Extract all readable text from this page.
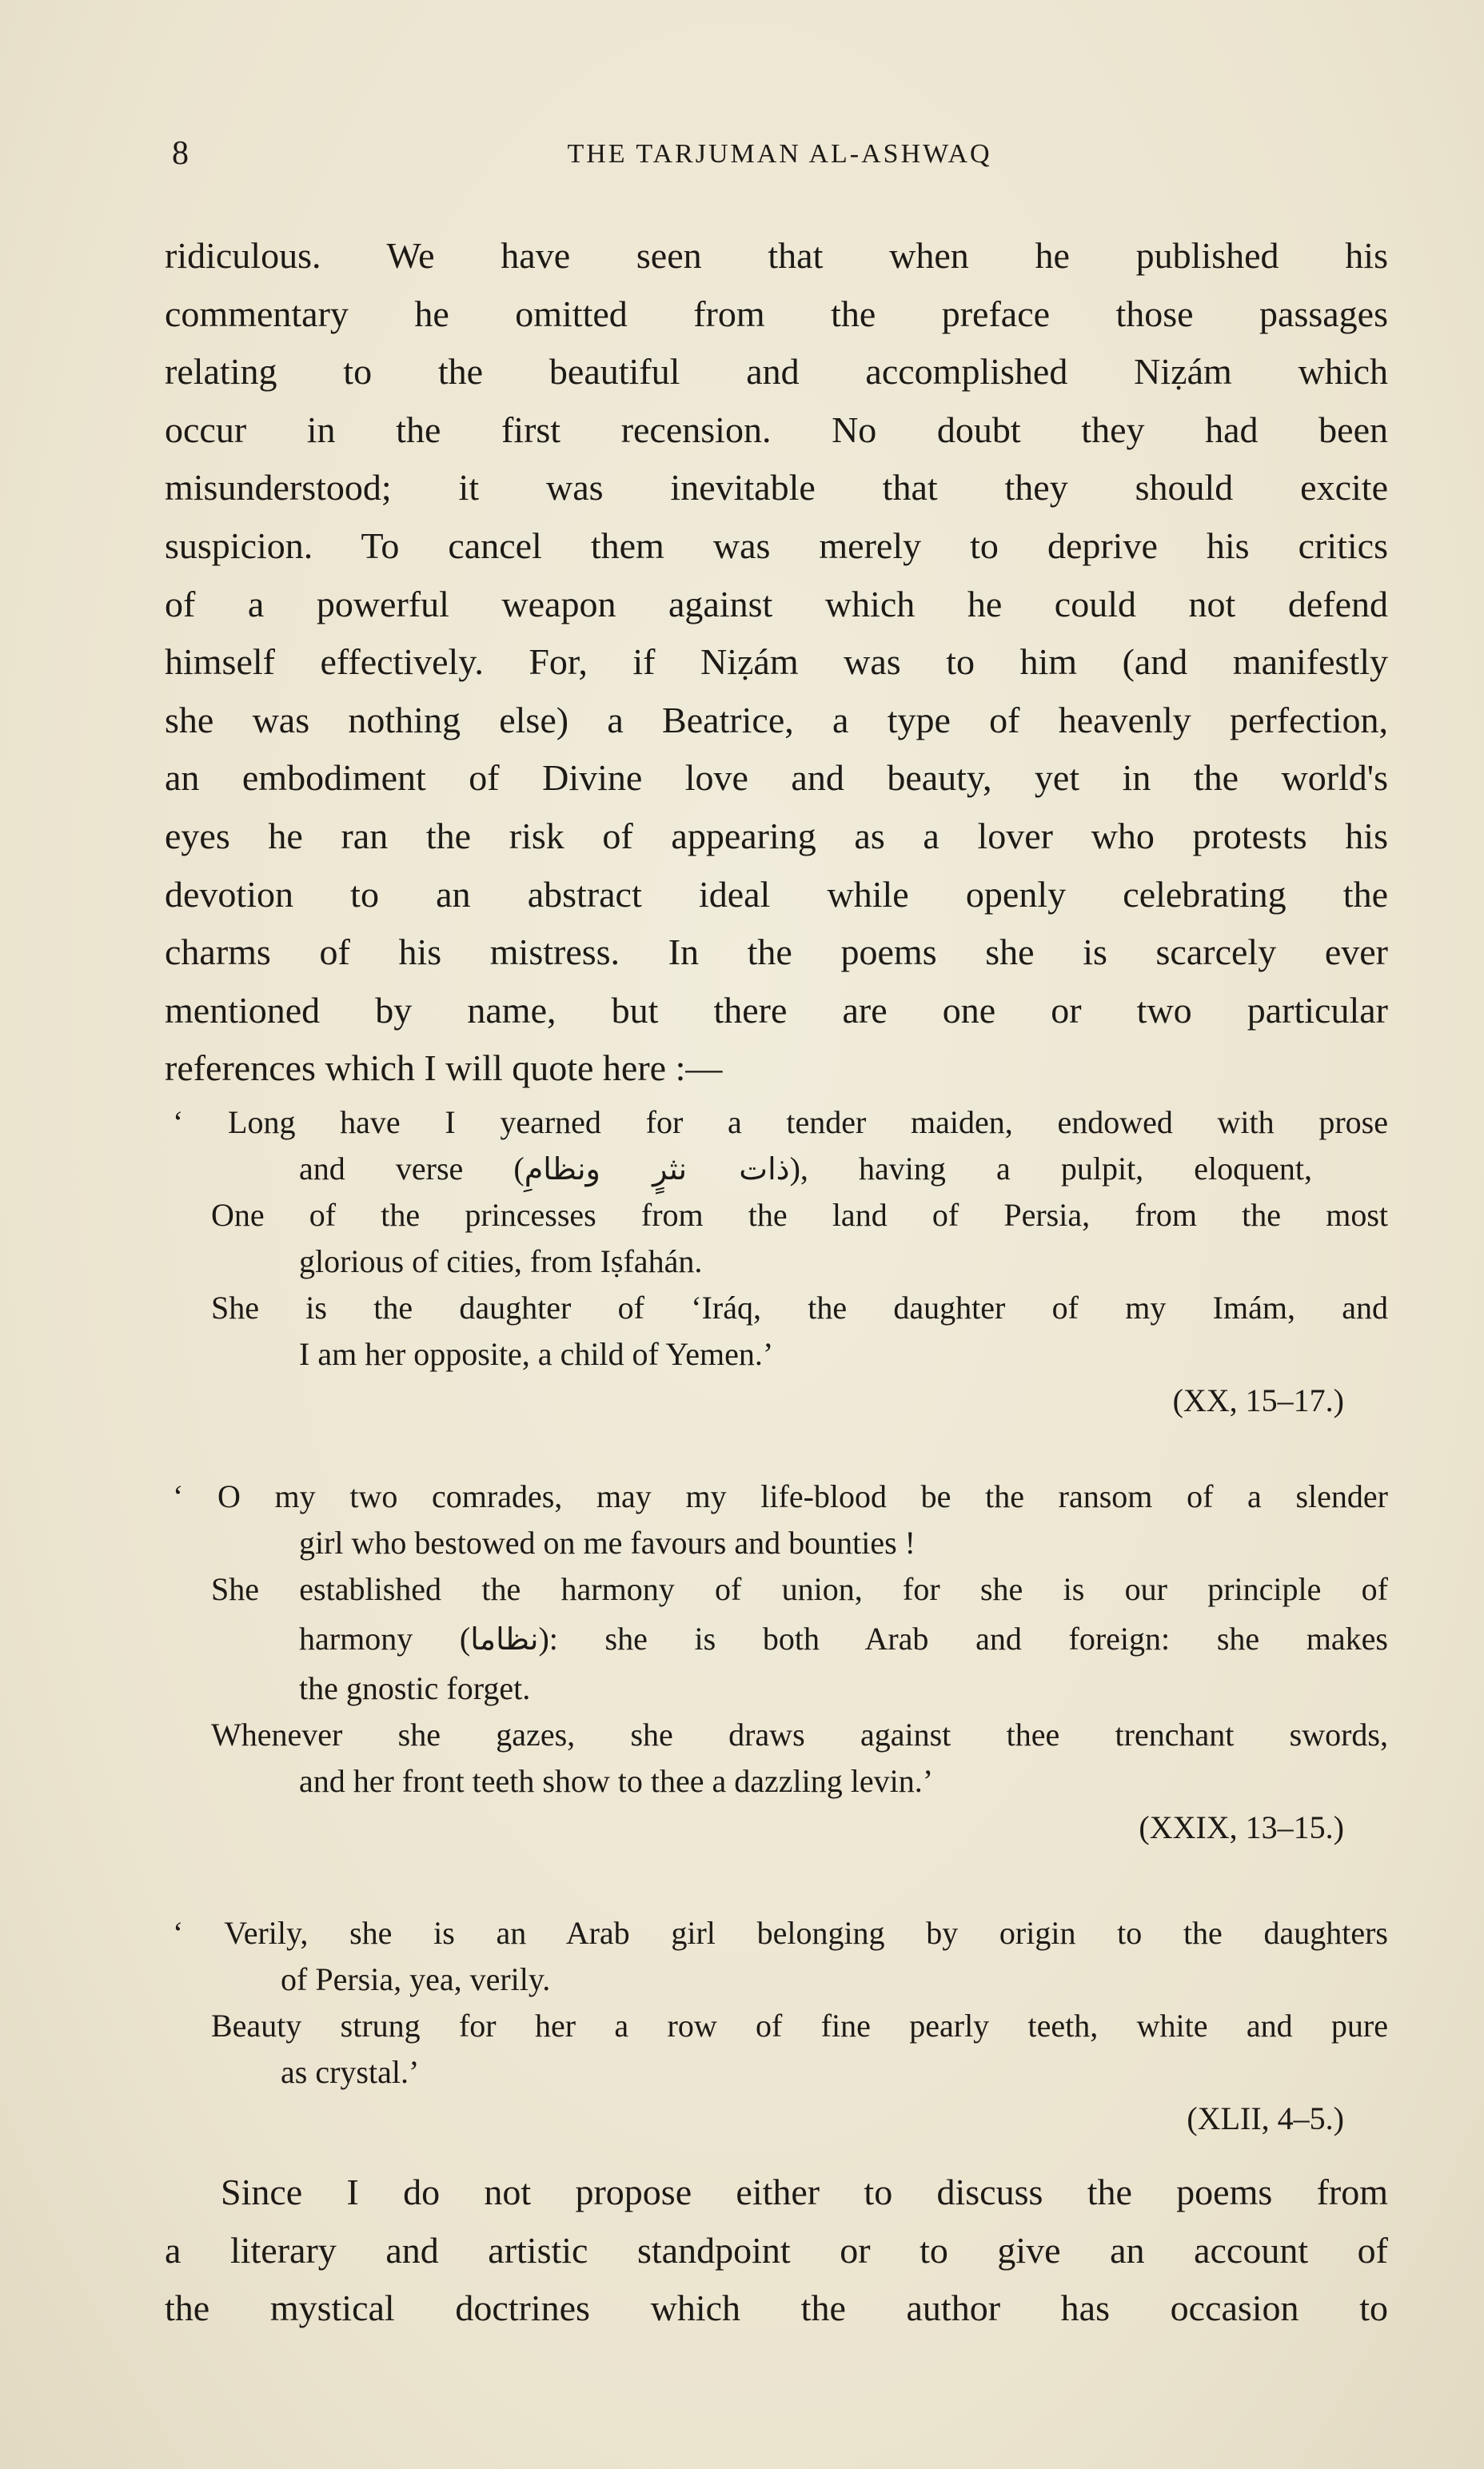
8	THE TARJUMAN AL-ASHWAQ
ridiculous. We have seen that when he published his
commentary he omitted from the preface those passages
relating to the beautiful and accomplished Niẓám which
occur in the first recension. No doubt they had been
misunderstood; it was inevitable that they should excite
suspicion. To cancel them was merely to deprive his critics
of a powerful weapon against which he could not defend
himself effectively. For, if Niẓám was to him (and manifestly
she was nothing else) a Beatrice, a type of heavenly perfection,
an embodiment of Divine love and beauty, yet in the world's
eyes he ran the risk of appearing as a lover who protests his
devotion to an abstract ideal while openly celebrating the
charms of his mistress. In the poems she is scarcely ever
mentioned by name, but there are one or two particular
references which I will quote here :—
‘ Long have I yearned for a tender maiden, endowed with prose
and verse (ذات نثرٍ ونظامِ), having a pulpit, eloquent,
One of the princesses from the land of Persia, from the most
glorious of cities, from Iṣfahán.
She is the daughter of ‘Iráq, the daughter of my Imám, and
I am her opposite, a child of Yemen.’
(XX, 15–17.)
‘ O my two comrades, may my life-blood be the ransom of a slender
girl who bestowed on me favours and bounties !
She established the harmony of union, for she is our principle of
harmony (نظاما): she is both Arab and foreign: she makes
the gnostic forget.
Whenever she gazes, she draws against thee trenchant swords,
and her front teeth show to thee a dazzling levin.’
(XXIX, 13–15.)
‘ Verily, she is an Arab girl belonging by origin to the daughters
of Persia, yea, verily.
Beauty strung for her a row of fine pearly teeth, white and pure
as crystal.’
(XLII, 4–5.)
Since I do not propose either to discuss the poems from
a literary and artistic standpoint or to give an account of
the mystical doctrines which the author has occasion to
